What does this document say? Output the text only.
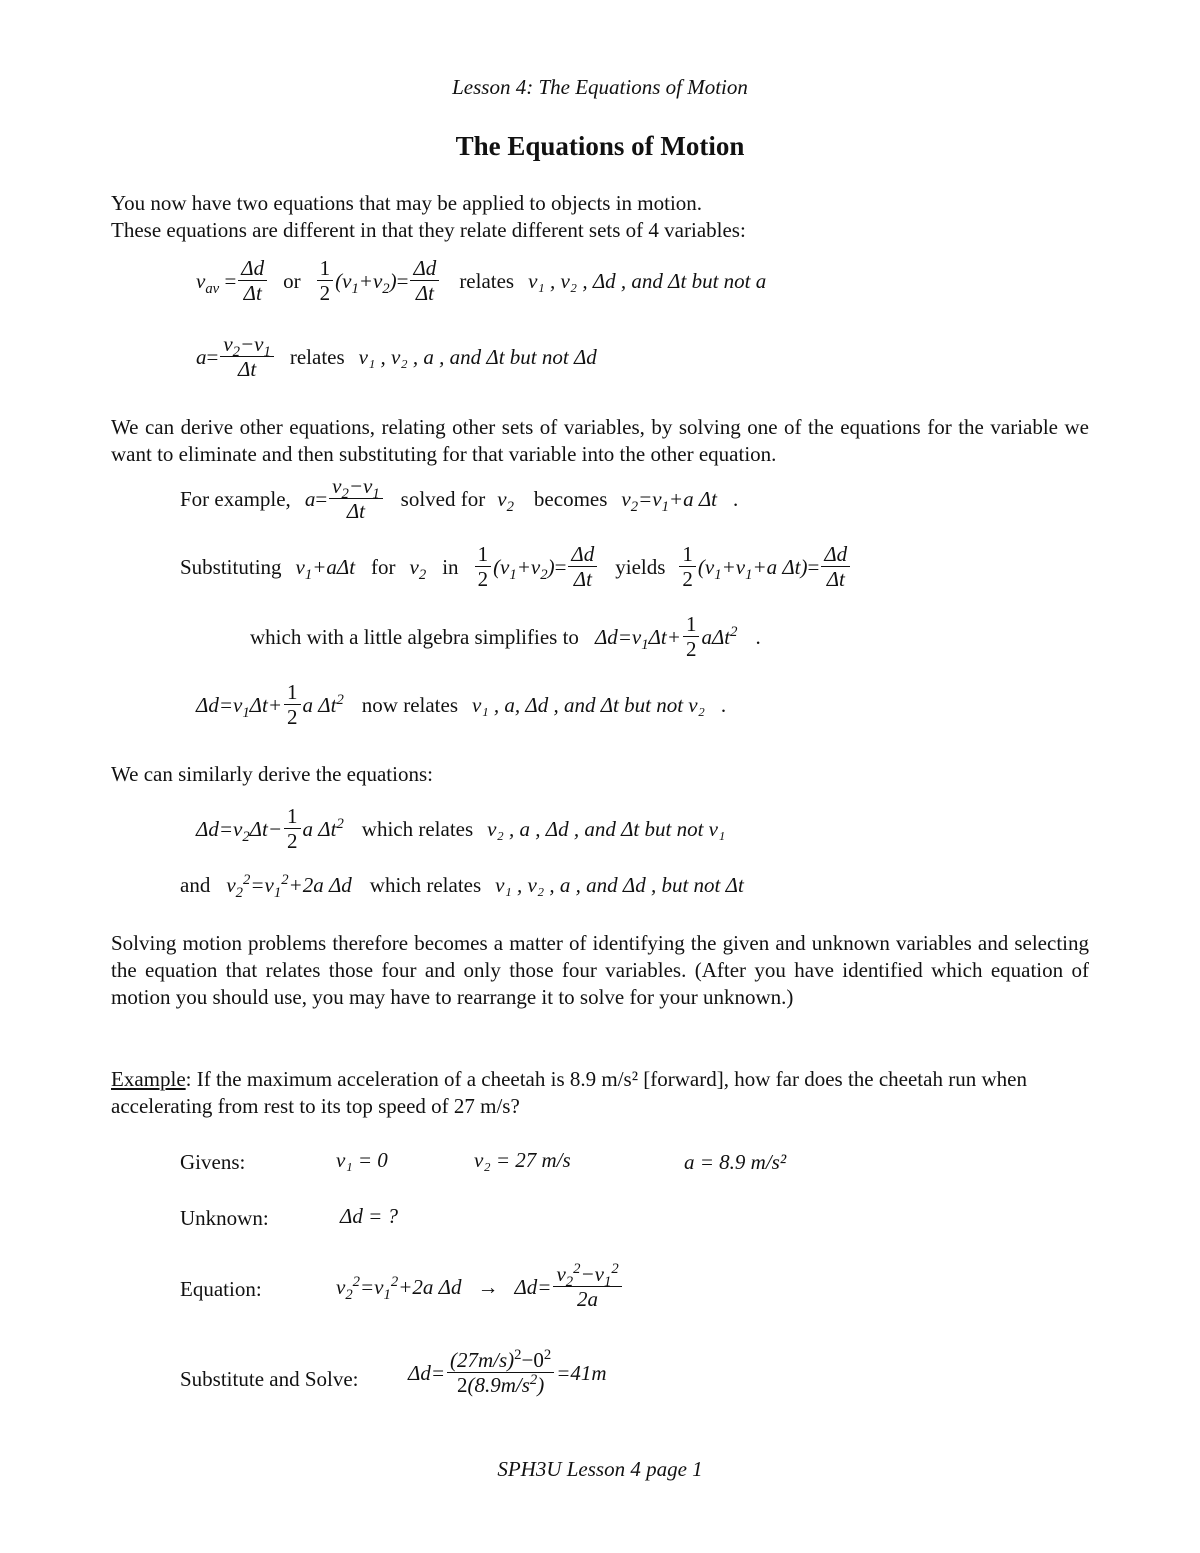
Lesson 4: The Equations of Motion
The Equations of Motion
You now have two equations that may be applied to objects in motion.
These equations are different in that they relate different sets of 4 variables:
$v_{av} = \frac{\Delta d}{\Delta t}$ or $\frac{1}{2} (v_1+v_2) = \frac{\Delta d}{\Delta t}$ relates v₁ , v₂ , Δd , and Δt but not a
$a = \frac{v_2-v_1}{\Delta t}$ relates v₁ , v₂ , a , and Δt but not Δd
We can derive other equations, relating other sets of variables, by solving one of the equations for the variable we want to eliminate and then substituting for that variable into the other equation.
For example, $a = \frac{v_2-v_1}{\Delta t}$ solved for $v_2$ becomes $v_2=v_1+a$ Δt .
Substituting $v_1+a\Delta t$ for $v_2$ in $\frac{1}{2} (v_1+v_2) = \frac{\Delta d}{\Delta t}$ yields $\frac{1}{2} (v_1+v_1+a$ $\Delta t) = \frac{\Delta d}{\Delta t}$
which with a little algebra simplifies to $\Delta d=v_1\Delta t+ \frac{1}{2} a\Delta t^2$ .
$\Delta d=v_1\Delta t+ \frac{1}{2}$ a $\Delta t^2$ now relates v₁ , a, Δd , and Δt but not v₂ .
We can similarly derive the equations:
$\Delta d=v_2\Delta t- \frac{1}{2}$ a $\Delta t^2$ which relates v₂ , a , Δd , and Δt but not v₁
and $v_2^2=v_1^2+2a$ Δd which relates v₁ , v₂ , a , and Δd , but not Δt
Solving motion problems therefore becomes a matter of identifying the given and unknown variables and selecting the equation that relates those four and only those four variables. (After you have identified which equation of motion you should use, you may have to rearrange it to solve for your unknown.)
Example: If the maximum acceleration of a cheetah is 8.9 m/s² [forward], how far does the cheetah run when accelerating from rest to its top speed of 27 m/s?
Givens:	v₁ = 0	v₂ = 27 m/s	a = 8.9 m/s²
Unknown:	Δd = ?
Equation:	$v_2^2=v_1^2+2a$ $\Delta d \to \Delta d= \frac{v_2^2-v_1^2}{2a}$
Substitute and Solve: $\Delta d= \frac{(27m/s)^2-0^2}{2(8.9m/s^2)} =41m$
SPH3U Lesson 4 page 1
